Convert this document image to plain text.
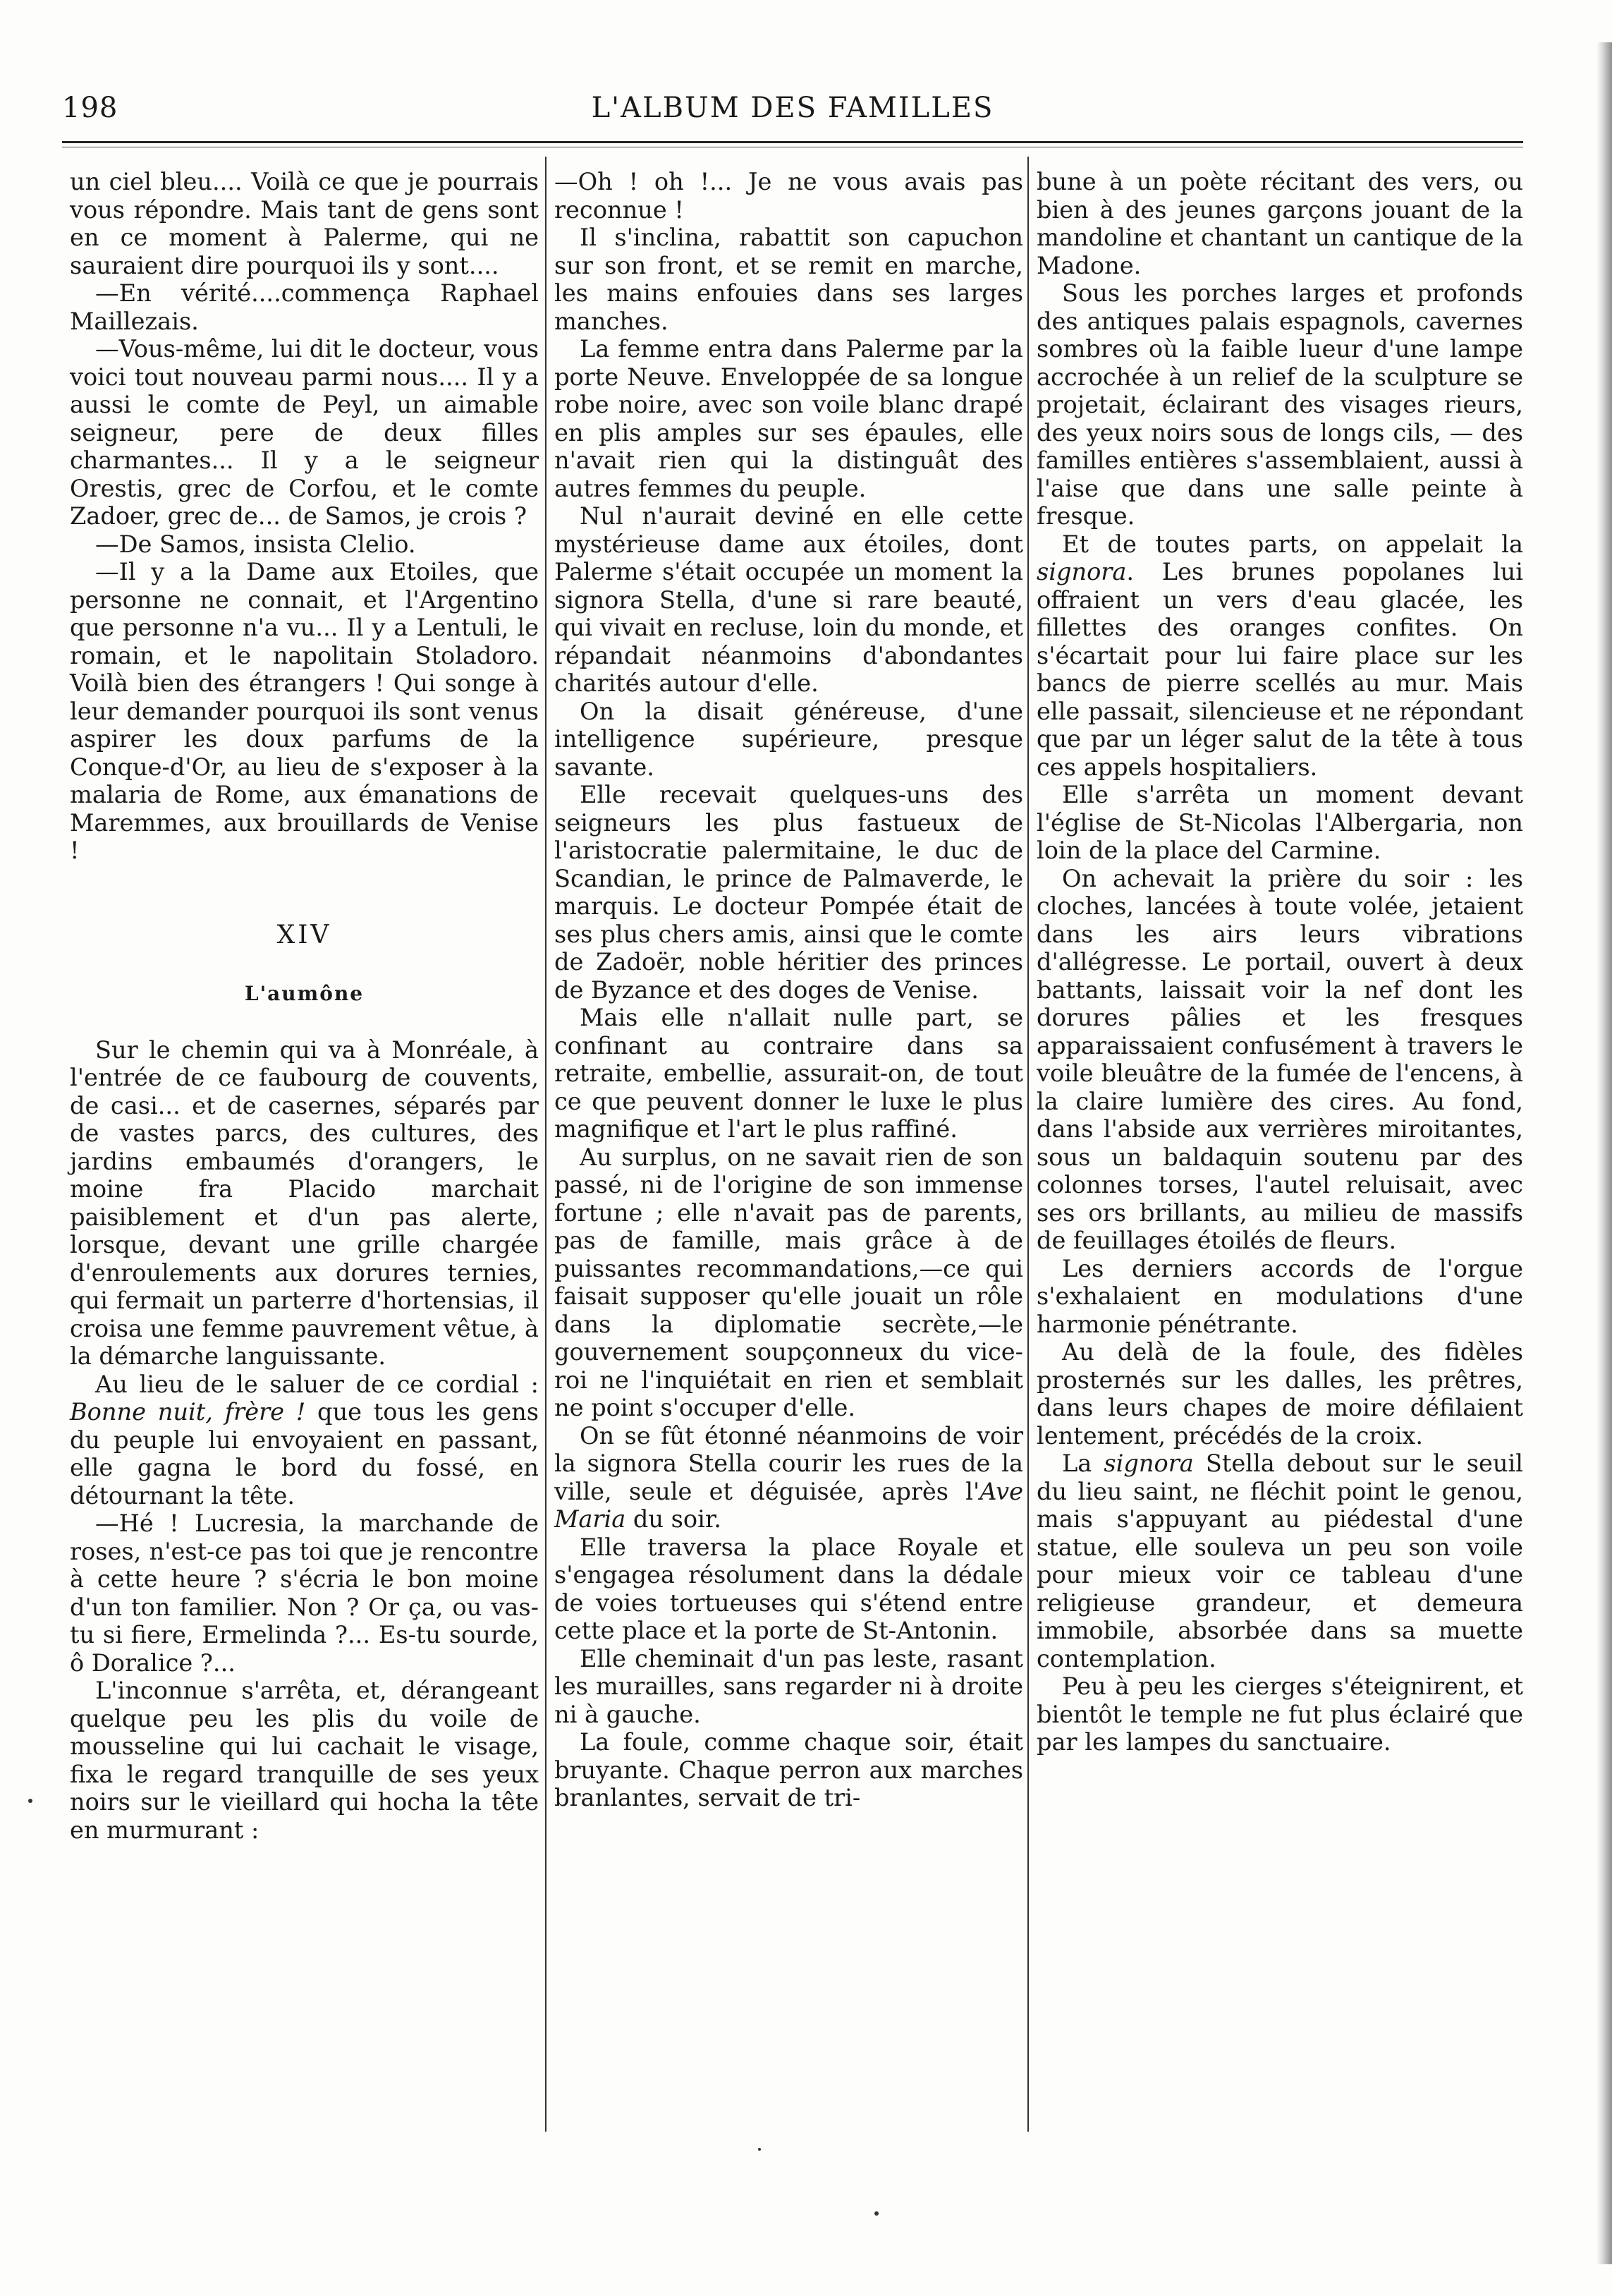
198	L'ALBUM DES FAMILLES

un ciel bleu.... Voilà ce que je pourrais vous répondre. Mais tant de gens sont en ce moment à Palerme, qui ne sauraient dire pourquoi ils y sont....

—En vérité....commença Raphael Maillezais.

—Vous-même, lui dit le docteur, vous voici tout nouveau parmi nous.... Il y a aussi le comte de Peyl, un aimable seigneur, pere de deux filles charmantes... Il y a le seigneur Orestis, grec de Corfou, et le comte Zadoer, grec de... de Samos, je crois ?

—De Samos, insista Clelio.

—Il y a la Dame aux Etoiles, que personne ne connait, et l'Argentino que personne n'a vu... Il y a Lentuli, le romain, et le napolitain Stoladoro. Voilà bien des étrangers ! Qui songe à leur demander pourquoi ils sont venus aspirer les doux parfums de la Conque-d'Or, au lieu de s'exposer à la malaria de Rome, aux émanations de Maremmes, aux brouillards de Venise !

XIV

L'aumône

Sur le chemin qui va à Monréale, à l'entrée de ce faubourg de couvents, de casi... et de casernes, séparés par de vastes parcs, des cultures, des jardins embaumés d'orangers, le moine fra Placido marchait paisiblement et d'un pas alerte, lorsque, devant une grille chargée d'enroulements aux dorures ternies, qui fermait un parterre d'hortensias, il croisa une femme pauvrement vêtue, à la démarche languissante.

Au lieu de le saluer de ce cordial : Bonne nuit, frère ! que tous les gens du peuple lui envoyaient en passant, elle gagna le bord du fossé, en détournant la tête.

—Hé ! Lucresia, la marchande de roses, n'est-ce pas toi que je rencontre à cette heure ? s'écria le bon moine d'un ton familier. Non ? Or ça, ou vas-tu si fiere, Ermelinda ?... Es-tu sourde, ô Doralice ?...

L'inconnue s'arrêta, et, dérangeant quelque peu les plis du voile de mousseline qui lui cachait le visage, fixa le regard tranquille de ses yeux noirs sur le vieillard qui hocha la tête en murmurant :

—Oh ! oh !... Je ne vous avais pas reconnue !

Il s'inclina, rabattit son capuchon sur son front, et se remit en marche, les mains enfouies dans ses larges manches.

La femme entra dans Palerme par la porte Neuve. Enveloppée de sa longue robe noire, avec son voile blanc drapé en plis amples sur ses épaules, elle n'avait rien qui la distinguât des autres femmes du peuple.

Nul n'aurait deviné en elle cette mystérieuse dame aux étoiles, dont Palerme s'était occupée un moment la signora Stella, d'une si rare beauté, qui vivait en recluse, loin du monde, et répandait néanmoins d'abondantes charités autour d'elle.

On la disait généreuse, d'une intelligence supérieure, presque savante.

Elle recevait quelques-uns des seigneurs les plus fastueux de l'aristocratie palermitaine, le duc de Scandian, le prince de Palmaverde, le marquis. Le docteur Pompée était de ses plus chers amis, ainsi que le comte de Zadoër, noble héritier des princes de Byzance et des doges de Venise.

Mais elle n'allait nulle part, se confinant au contraire dans sa retraite, embellie, assurait-on, de tout ce que peuvent donner le luxe le plus magnifique et l'art le plus raffiné.

Au surplus, on ne savait rien de son passé, ni de l'origine de son immense fortune ; elle n'avait pas de parents, pas de famille, mais grâce à de puissantes recommandations,—ce qui faisait supposer qu'elle jouait un rôle dans la diplomatie secrète,—le gouvernement soupçonneux du vice-roi ne l'inquiétait en rien et semblait ne point s'occuper d'elle.

On se fût étonné néanmoins de voir la signora Stella courir les rues de la ville, seule et déguisée, après l'Ave Maria du soir.

Elle traversa la place Royale et s'engagea résolument dans la dédale de voies tortueuses qui s'étend entre cette place et la porte de St-Antonin.

Elle cheminait d'un pas leste, rasant les murailles, sans regarder ni à droite ni à gauche.

La foule, comme chaque soir, était bruyante. Chaque perron aux marches branlantes, servait de tri-

bune à un poète récitant des vers, ou bien à des jeunes garçons jouant de la mandoline et chantant un cantique de la Madone.

Sous les porches larges et profonds des antiques palais espagnols, cavernes sombres où la faible lueur d'une lampe accrochée à un relief de la sculpture se projetait, éclairant des visages rieurs, des yeux noirs sous de longs cils, — des familles entières s'assemblaient, aussi à l'aise que dans une salle peinte à fresque.

Et de toutes parts, on appelait la signora. Les brunes popolanes lui offraient un vers d'eau glacée, les fillettes des oranges confites. On s'écartait pour lui faire place sur les bancs de pierre scellés au mur. Mais elle passait, silencieuse et ne répondant que par un léger salut de la tête à tous ces appels hospitaliers.

Elle s'arrêta un moment devant l'église de St-Nicolas l'Albergaria, non loin de la place del Carmine.

On achevait la prière du soir : les cloches, lancées à toute volée, jetaient dans les airs leurs vibrations d'allégresse. Le portail, ouvert à deux battants, laissait voir la nef dont les dorures pâlies et les fresques apparaissaient confusément à travers le voile bleuâtre de la fumée de l'encens, à la claire lumière des cires. Au fond, dans l'abside aux verrières miroitantes, sous un baldaquin soutenu par des colonnes torses, l'autel reluisait, avec ses ors brillants, au milieu de massifs de feuillages étoilés de fleurs.

Les derniers accords de l'orgue s'exhalaient en modulations d'une harmonie pénétrante.

Au delà de la foule, des fidèles prosternés sur les dalles, les prêtres, dans leurs chapes de moire défilaient lentement, précédés de la croix.

La signora Stella debout sur le seuil du lieu saint, ne fléchit point le genou, mais s'appuyant au piédestal d'une statue, elle souleva un peu son voile pour mieux voir ce tableau d'une religieuse grandeur, et demeura immobile, absorbée dans sa muette contemplation.

Peu à peu les cierges s'éteignirent, et bientôt le temple ne fut plus éclairé que par les lampes du sanctuaire.
